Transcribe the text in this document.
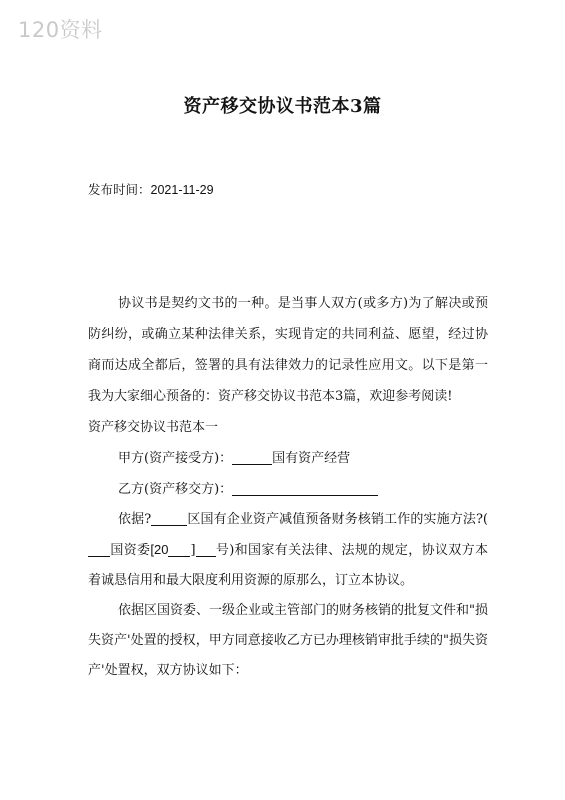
120资料
资产移交协议书范本3篇
发布时间：2021-11-29

协议书是契约文书的一种。是当事人双方(或多方)为了解决或预防纠纷，或确立某种法律关系，实现肯定的共同利益、愿望，经过协商而达成全都后，签署的具有法律效力的记录性应用文。以下是第一我为大家细心预备的：资产移交协议书范本3篇，欢迎参考阅读!

资产移交协议书范本一

甲方(资产接受方)：	国有资产经营

乙方(资产移交方)：

依据?	区国有企业资产减值预备财务核销工作的实施方法?(国资委[20 ] 号)和国家有关法律、法规的规定，协议双方本着诚恳信用和最大限度利用资源的原那么，订立本协议。

依据区国资委、一级企业或主管部门的财务核销的批复文件和"损失资产'处置的授权，甲方同意接收乙方已办理核销审批手续的"损失资产'处置权，双方协议如下：
